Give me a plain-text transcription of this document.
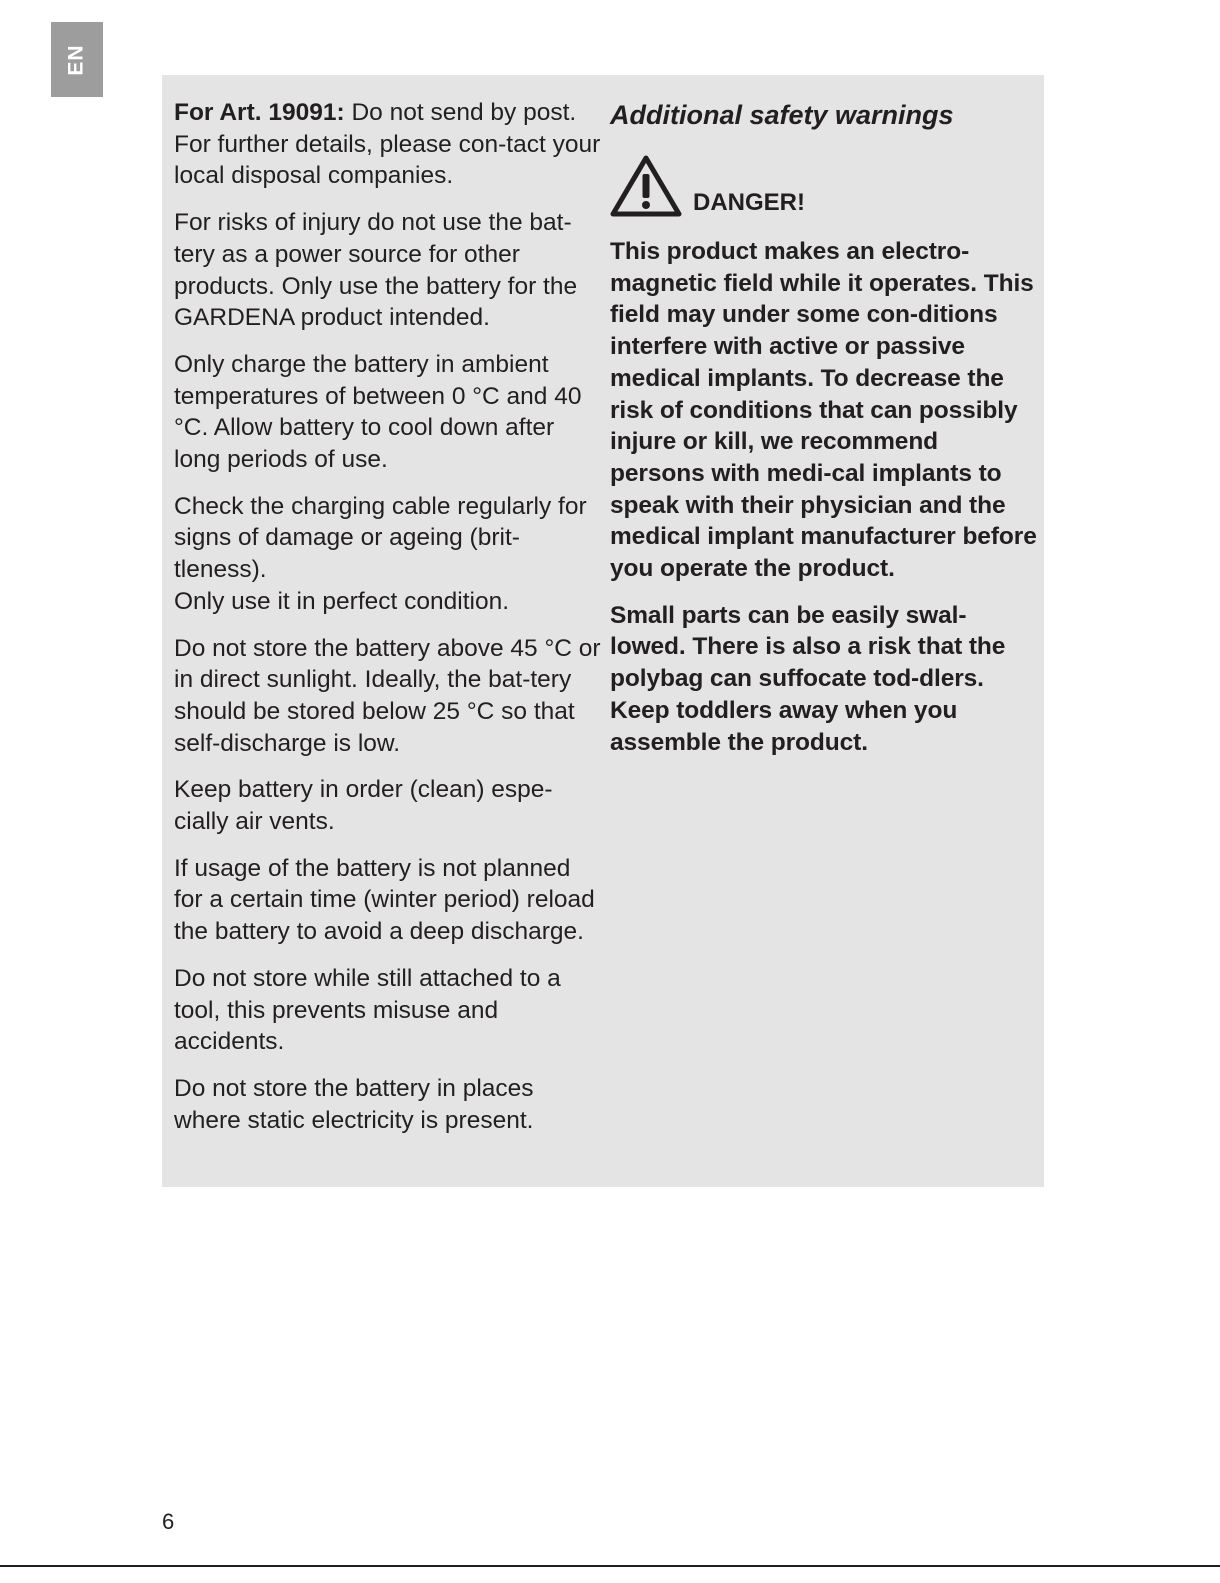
EN

For Art. 19091: Do not send by post. For further details, please con-tact your local disposal companies.

For risks of injury do not use the bat-tery as a power source for other products. Only use the battery for the GARDENA product intended.

Only charge the battery in ambient temperatures of between 0 °C and 40 °C. Allow battery to cool down after long periods of use.

Check the charging cable regularly for signs of damage or ageing (brit-tleness).
Only use it in perfect condition.

Do not store the battery above 45 °C or in direct sunlight. Ideally, the bat-tery should be stored below 25 °C so that self-discharge is low.

Keep battery in order (clean) espe-cially air vents.

If usage of the battery is not planned for a certain time (winter period) reload the battery to avoid a deep discharge.

Do not store while still attached to a tool, this prevents misuse and accidents.

Do not store the battery in places where static electricity is present.

Additional safety warnings
DANGER!

This product makes an electro-magnetic field while it operates. This field may under some con-ditions interfere with active or passive medical implants. To decrease the risk of conditions that can possibly injure or kill, we recommend persons with medi-cal implants to speak with their physician and the medical implant manufacturer before you operate the product.

Small parts can be easily swal-lowed. There is also a risk that the polybag can suffocate tod-dlers. Keep toddlers away when you assemble the product.

6
